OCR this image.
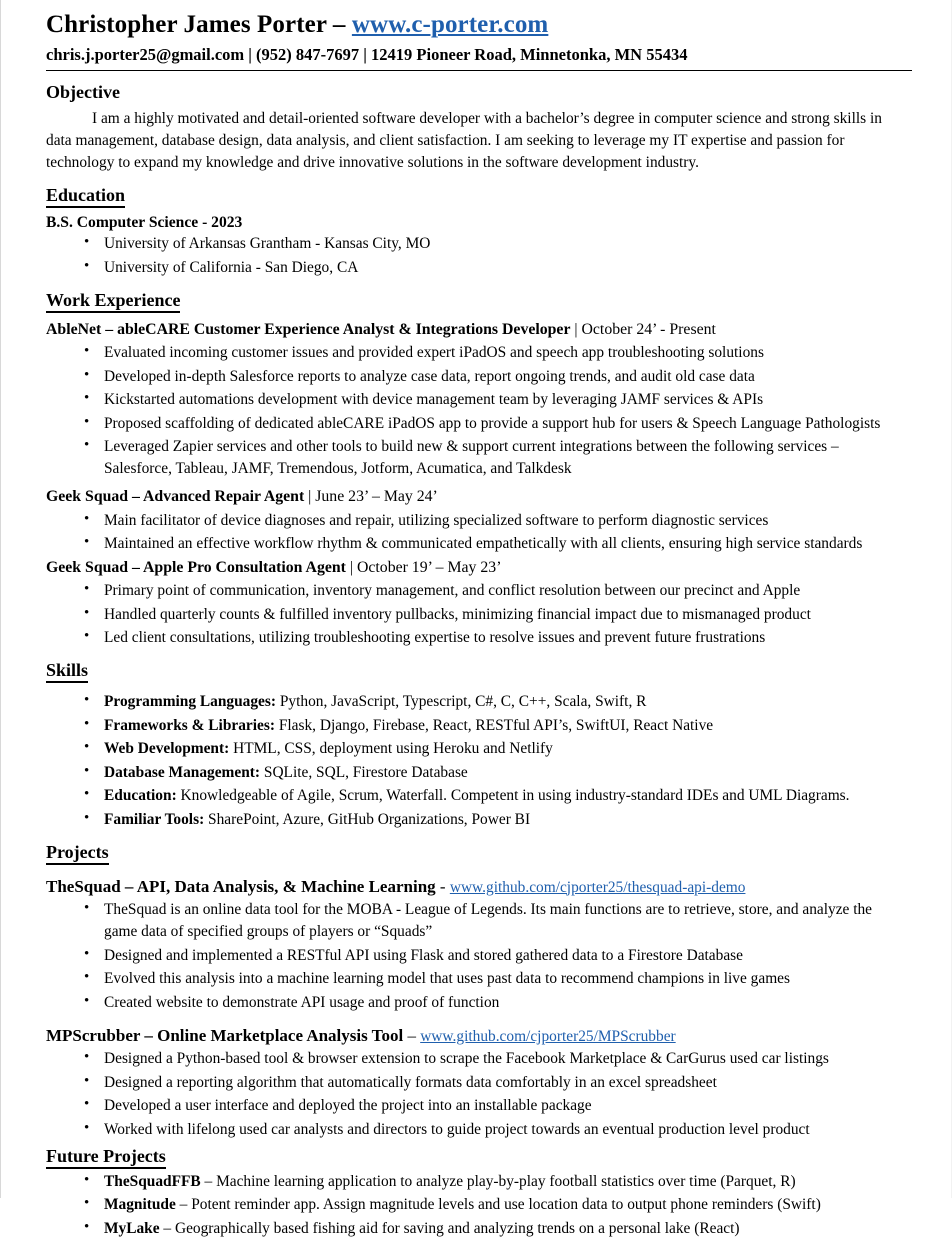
Christopher James Porter – www.c-porter.com
chris.j.porter25@gmail.com | (952) 847-7697 | 12419 Pioneer Road, Minnetonka, MN 55434
Objective
I am a highly motivated and detail-oriented software developer with a bachelor’s degree in computer science and strong skills in data management, database design, data analysis, and client satisfaction. I am seeking to leverage my IT expertise and passion for technology to expand my knowledge and drive innovative solutions in the software development industry.
Education
B.S. Computer Science - 2023
• University of Arkansas Grantham - Kansas City, MO
• University of California - San Diego, CA
Work Experience
AbleNet – ableCARE Customer Experience Analyst & Integrations Developer | October 24’ - Present
• Evaluated incoming customer issues and provided expert iPadOS and speech app troubleshooting solutions
• Developed in-depth Salesforce reports to analyze case data, report ongoing trends, and audit old case data
• Kickstarted automations development with device management team by leveraging JAMF services & APIs
• Proposed scaffolding of dedicated ableCARE iPadOS app to provide a support hub for users & Speech Language Pathologists
• Leveraged Zapier services and other tools to build new & support current integrations between the following services – Salesforce, Tableau, JAMF, Tremendous, Jotform, Acumatica, and Talkdesk
Geek Squad – Advanced Repair Agent | June 23’ – May 24’
• Main facilitator of device diagnoses and repair, utilizing specialized software to perform diagnostic services
• Maintained an effective workflow rhythm & communicated empathetically with all clients, ensuring high service standards
Geek Squad – Apple Pro Consultation Agent | October 19’ – May 23’
• Primary point of communication, inventory management, and conflict resolution between our precinct and Apple
• Handled quarterly counts & fulfilled inventory pullbacks, minimizing financial impact due to mismanaged product
• Led client consultations, utilizing troubleshooting expertise to resolve issues and prevent future frustrations
Skills
• Programming Languages: Python, JavaScript, Typescript, C#, C, C++, Scala, Swift, R
• Frameworks & Libraries: Flask, Django, Firebase, React, RESTful API’s, SwiftUI, React Native
• Web Development: HTML, CSS, deployment using Heroku and Netlify
• Database Management: SQLite, SQL, Firestore Database
• Education: Knowledgeable of Agile, Scrum, Waterfall. Competent in using industry-standard IDEs and UML Diagrams.
• Familiar Tools: SharePoint, Azure, GitHub Organizations, Power BI
Projects
TheSquad – API, Data Analysis, & Machine Learning - www.github.com/cjporter25/thesquad-api-demo
• TheSquad is an online data tool for the MOBA - League of Legends. Its main functions are to retrieve, store, and analyze the game data of specified groups of players or “Squads”
• Designed and implemented a RESTful API using Flask and stored gathered data to a Firestore Database
• Evolved this analysis into a machine learning model that uses past data to recommend champions in live games
• Created website to demonstrate API usage and proof of function
MPScrubber – Online Marketplace Analysis Tool – www.github.com/cjporter25/MPScrubber
• Designed a Python-based tool & browser extension to scrape the Facebook Marketplace & CarGurus used car listings
• Designed a reporting algorithm that automatically formats data comfortably in an excel spreadsheet
• Developed a user interface and deployed the project into an installable package
• Worked with lifelong used car analysts and directors to guide project towards an eventual production level product
Future Projects
• TheSquadFFB – Machine learning application to analyze play-by-play football statistics over time (Parquet, R)
• Magnitude – Potent reminder app. Assign magnitude levels and use location data to output phone reminders (Swift)
• MyLake – Geographically based fishing aid for saving and analyzing trends on a personal lake (React)
